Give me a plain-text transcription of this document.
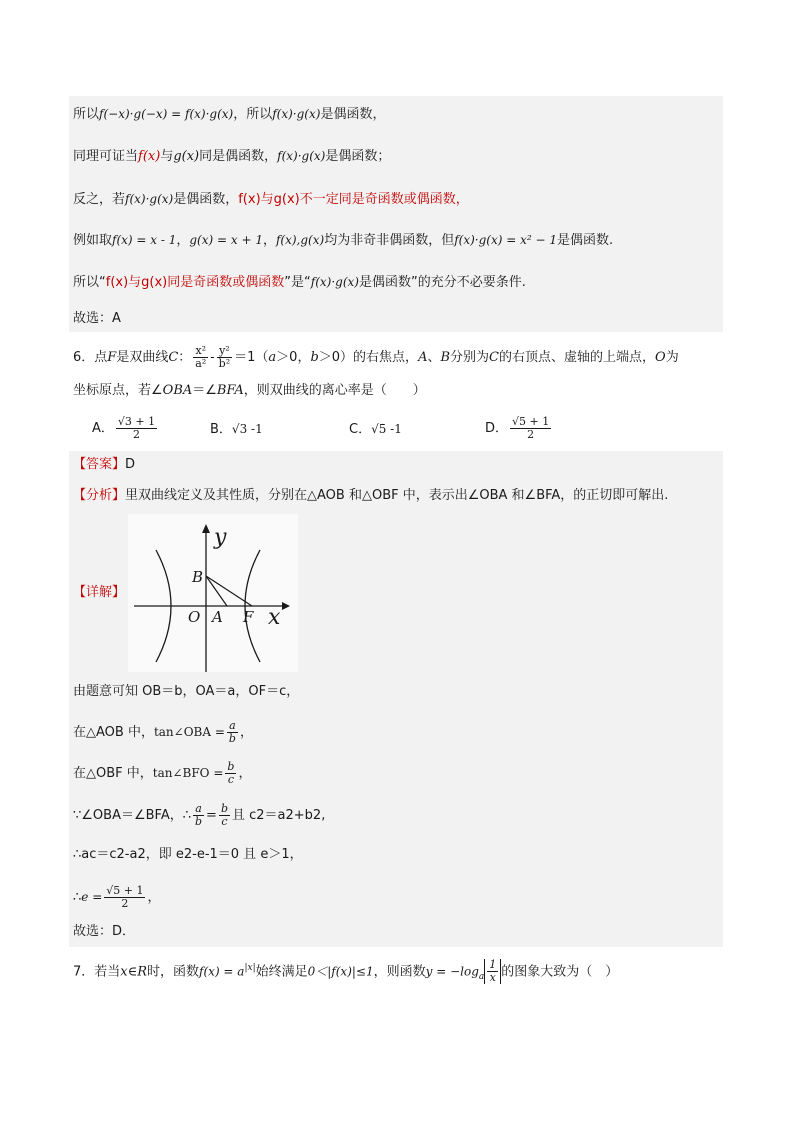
所以f(−x)·g(−x) = f(x)·g(x)，所以f(x)·g(x)是偶函数，
同理可证当f(x)与g(x)同是偶函数，f(x)·g(x)是偶函数；
反之，若f(x)·g(x)是偶函数，f(x)与g(x)不一定同是奇函数或偶函数，
例如取f(x) = x - 1，g(x) = x + 1，f(x),g(x)均为非奇非偶函数，但f(x)·g(x) = x² − 1是偶函数.
所以“f(x)与g(x)同是奇函数或偶函数”是“f(x)·g(x)是偶函数”的充分不必要条件.
故选：A
6．点F是双曲线C： $\frac{\text{x²}}{\text{a²}} - \frac{\text{y²}}{\text{b²}} =1(a>0$，b＞0）的右焦点，A、B分别为C的右顶点、虚轴的上端点，O为
坐标原点，若∠OBA＝∠BFA，则双曲线的离心率是（　　）
A． $\frac{√3 + 1}{2}$	B．√3 -1	C．√5 -1	D． $\frac{√5 + 1}{2}$
【答案】D
【分析】里双曲线定义及其性质，分别在△AOB 和△OBF 中，表示出∠OBA 和∠BFA，的正切即可解出.
【详解】
y
B
O A F x
由题意可知 OB＝b，OA＝a，OF＝c，
在△AOB 中，tan∠OBA = $\frac{a}{b}$ ，
在△OBF 中，tan∠BFO = $\frac{b}{c}$ ，
∵∠OBA＝∠BFA，∴ $\frac{a}{b} = \frac{b}{c}$ 且 c2＝a2+b2,
∴ac＝c2-a2，即 e2-e-1＝0 且 e＞1，
∴e = $\frac{√5 + 1}{2}$ ，
故选：D．
7．若当x∈R时，函数$f(x) = a^{|x|}$始终满足0＜|f(x)|≤1，则函数$y = -\log_a \frac{1}{x}$ 的图象大致为（　）
